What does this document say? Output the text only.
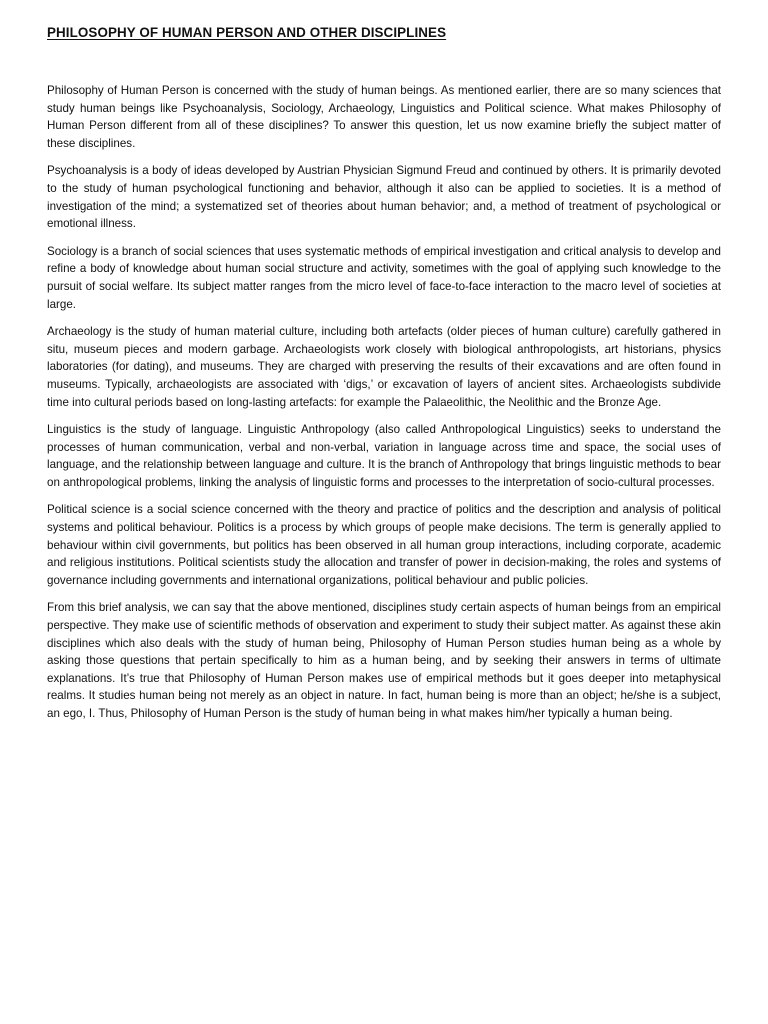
PHILOSOPHY OF HUMAN PERSON AND OTHER DISCIPLINES

Philosophy of Human Person is concerned with the study of human beings. As mentioned earlier, there are so many sciences that study human beings like Psychoanalysis, Sociology, Archaeology, Linguistics and Political science. What makes Philosophy of Human Person different from all of these disciplines? To answer this question, let us now examine briefly the subject matter of these disciplines.

Psychoanalysis is a body of ideas developed by Austrian Physician Sigmund Freud and continued by others. It is primarily devoted to the study of human psychological functioning and behavior, although it also can be applied to societies. It is a method of investigation of the mind; a systematized set of theories about human behavior; and, a method of treatment of psychological or emotional illness.

Sociology is a branch of social sciences that uses systematic methods of empirical investigation and critical analysis to develop and refine a body of knowledge about human social structure and activity, sometimes with the goal of applying such knowledge to the pursuit of social welfare. Its subject matter ranges from the micro level of face-to-face interaction to the macro level of societies at large.

Archaeology is the study of human material culture, including both artefacts (older pieces of human culture) carefully gathered in situ, museum pieces and modern garbage. Archaeologists work closely with biological anthropologists, art historians, physics laboratories (for dating), and museums. They are charged with preserving the results of their excavations and are often found in museums. Typically, archaeologists are associated with ‘digs,’ or excavation of layers of ancient sites. Archaeologists subdivide time into cultural periods based on long-lasting artefacts: for example the Palaeolithic, the Neolithic and the Bronze Age.

Linguistics is the study of language. Linguistic Anthropology (also called Anthropological Linguistics) seeks to understand the processes of human communication, verbal and non-verbal, variation in language across time and space, the social uses of language, and the relationship between language and culture. It is the branch of Anthropology that brings linguistic methods to bear on anthropological problems, linking the analysis of linguistic forms and processes to the interpretation of socio-cultural processes.

Political science is a social science concerned with the theory and practice of politics and the description and analysis of political systems and political behaviour. Politics is a process by which groups of people make decisions. The term is generally applied to behaviour within civil governments, but politics has been observed in all human group interactions, including corporate, academic and religious institutions. Political scientists study the allocation and transfer of power in decision-making, the roles and systems of governance including governments and international organizations, political behaviour and public policies.

From this brief analysis, we can say that the above mentioned, disciplines study certain aspects of human beings from an empirical perspective. They make use of scientific methods of observation and experiment to study their subject matter. As against these akin disciplines which also deals with the study of human being, Philosophy of Human Person studies human being as a whole by asking those questions that pertain specifically to him as a human being, and by seeking their answers in terms of ultimate explanations. It’s true that Philosophy of Human Person makes use of empirical methods but it goes deeper into metaphysical realms. It studies human being not merely as an object in nature. In fact, human being is more than an object; he/she is a subject, an ego, I. Thus, Philosophy of Human Person is the study of human being in what makes him/her typically a human being.
